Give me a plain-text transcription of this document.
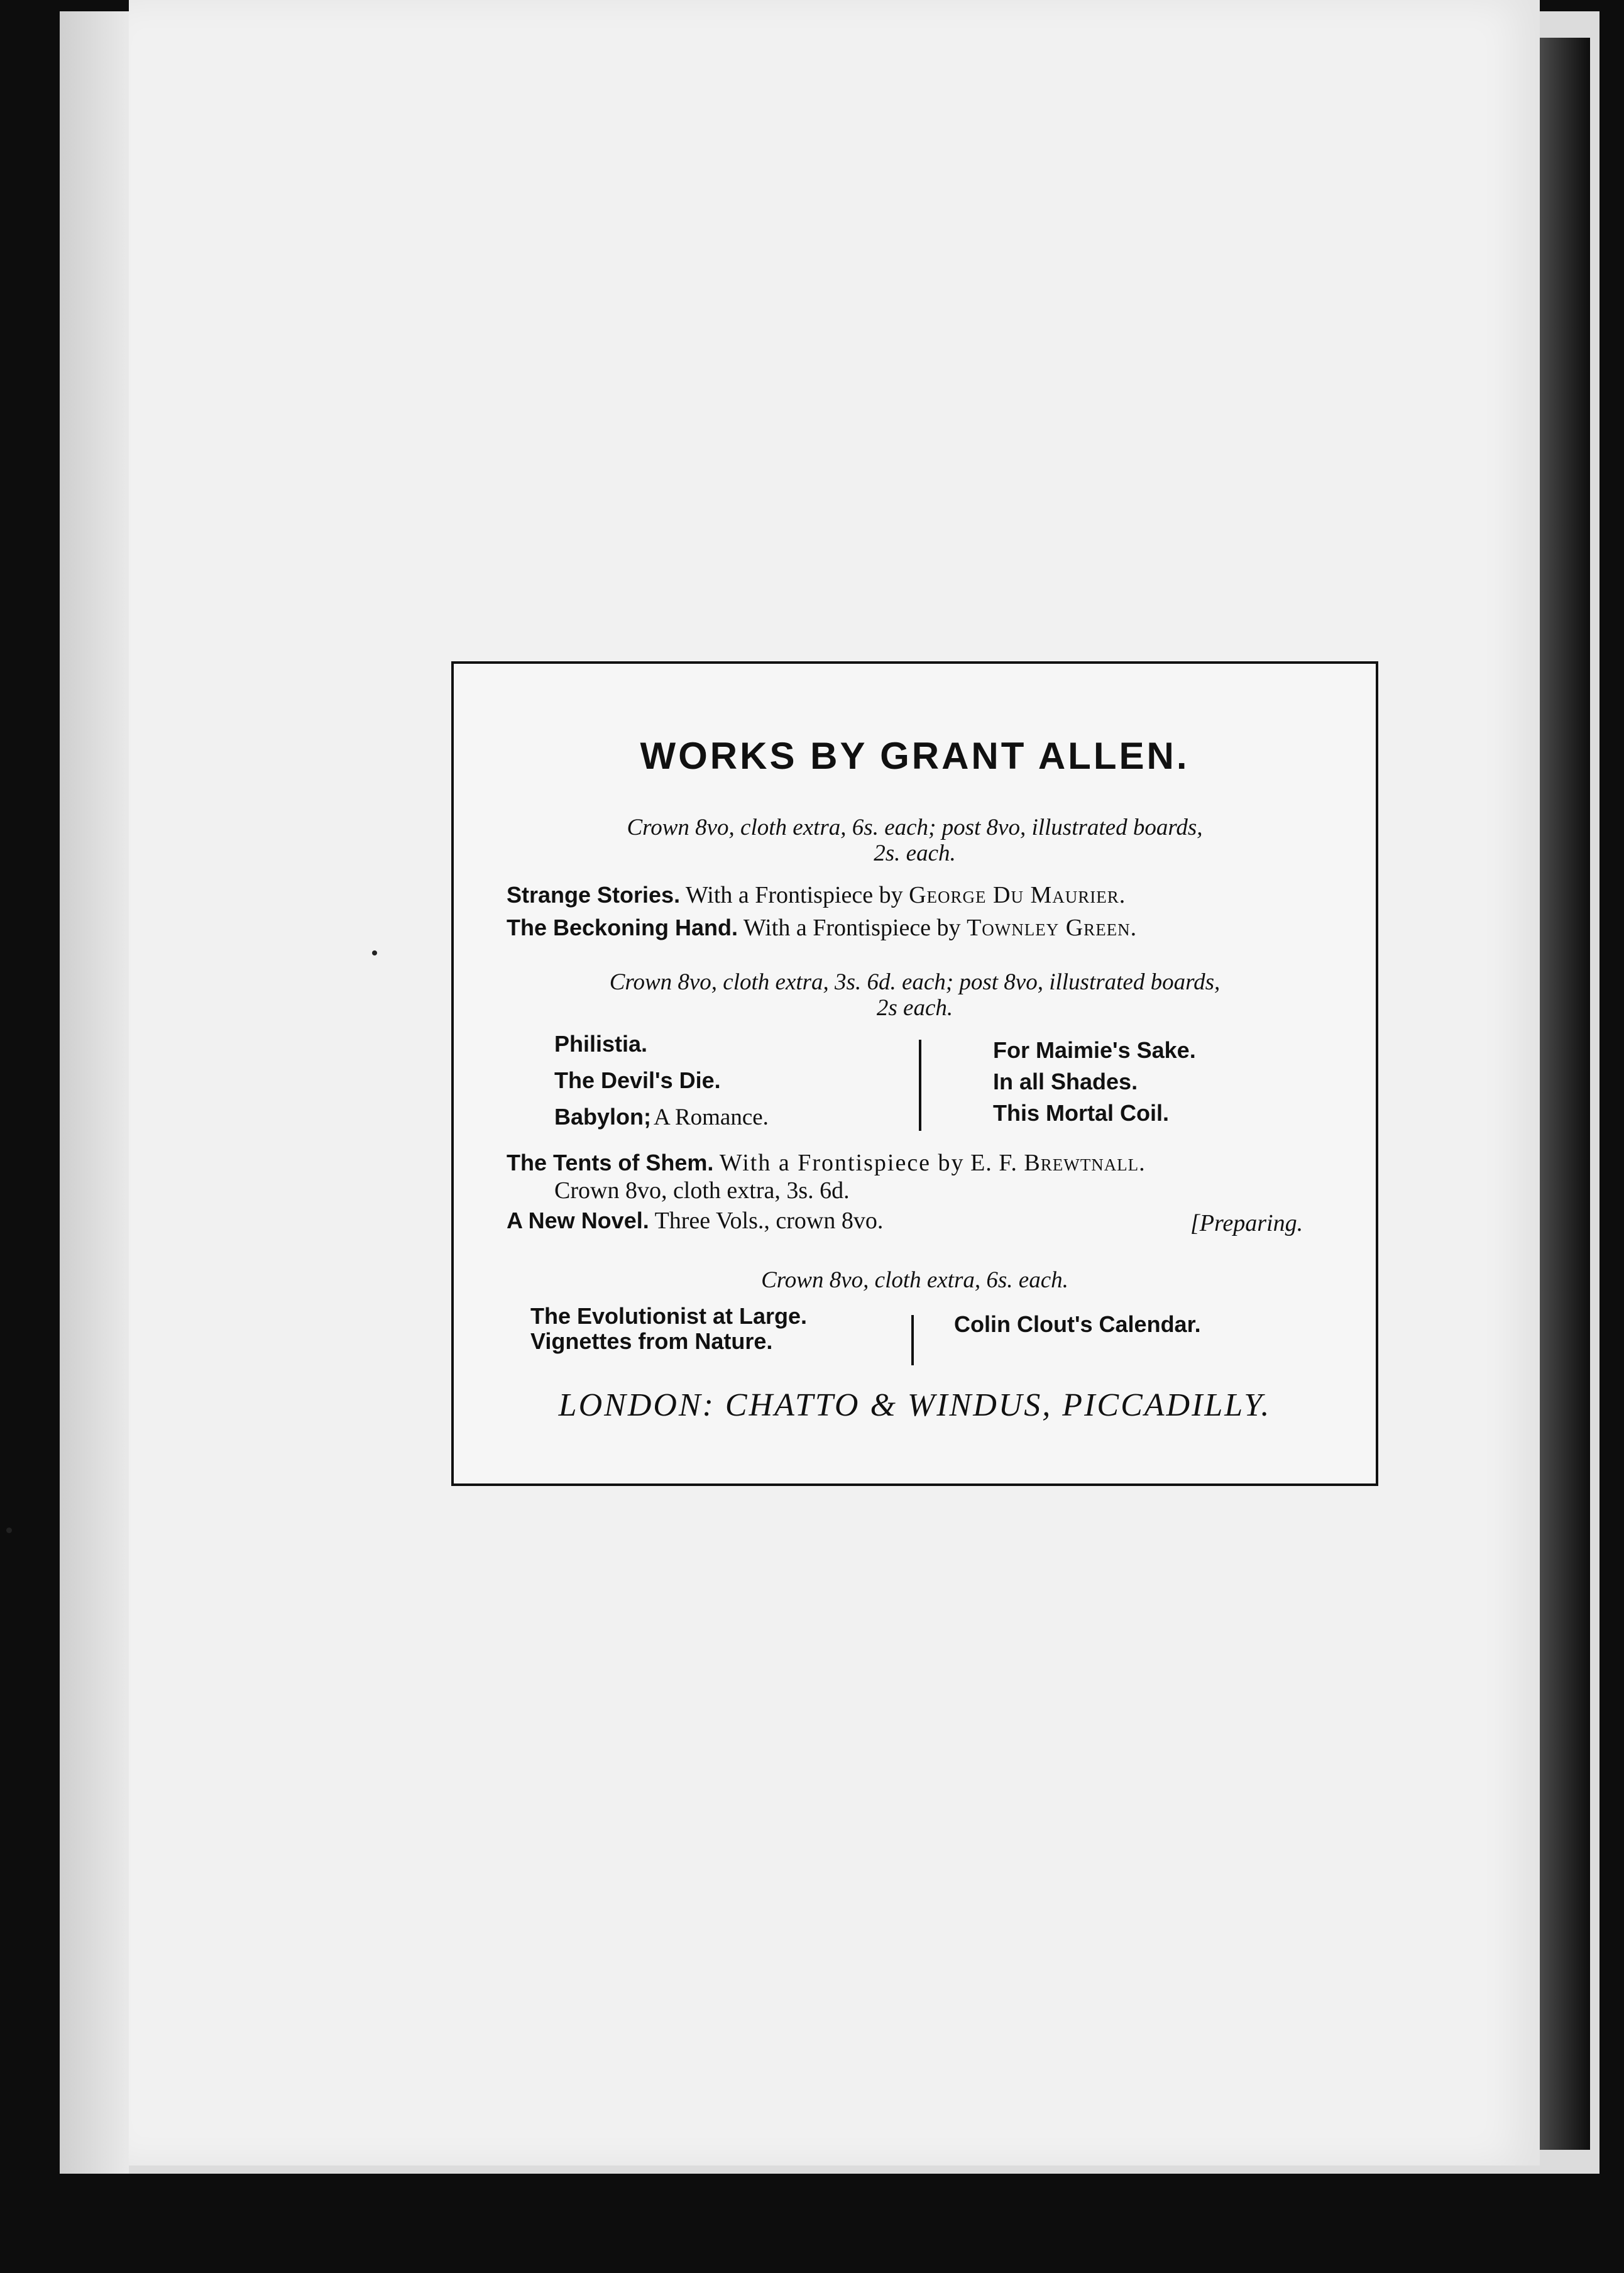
WORKS BY GRANT ALLEN.
Crown 8vo, cloth extra, 6s. each; post 8vo, illustrated boards,
2s. each.
Strange Stories. With a Frontispiece by George Du Maurier.
The Beckoning Hand. With a Frontispiece by Townley Green.
Crown 8vo, cloth extra, 3s. 6d. each; post 8vo, illustrated boards,
2s each.
Philistia.
The Devil's Die.
Babylon; A Romance.
For Maimie's Sake.
In all Shades.
This Mortal Coil.
The Tents of Shem. With a Frontispiece by E. F. Brewtnall.
Crown 8vo, cloth extra, 3s. 6d.
A New Novel. Three Vols., crown 8vo.	[Preparing.
Crown 8vo, cloth extra, 6s. each.
The Evolutionist at Large.
Vignettes from Nature.
Colin Clout's Calendar.
LONDON: CHATTO & WINDUS, PICCADILLY.
